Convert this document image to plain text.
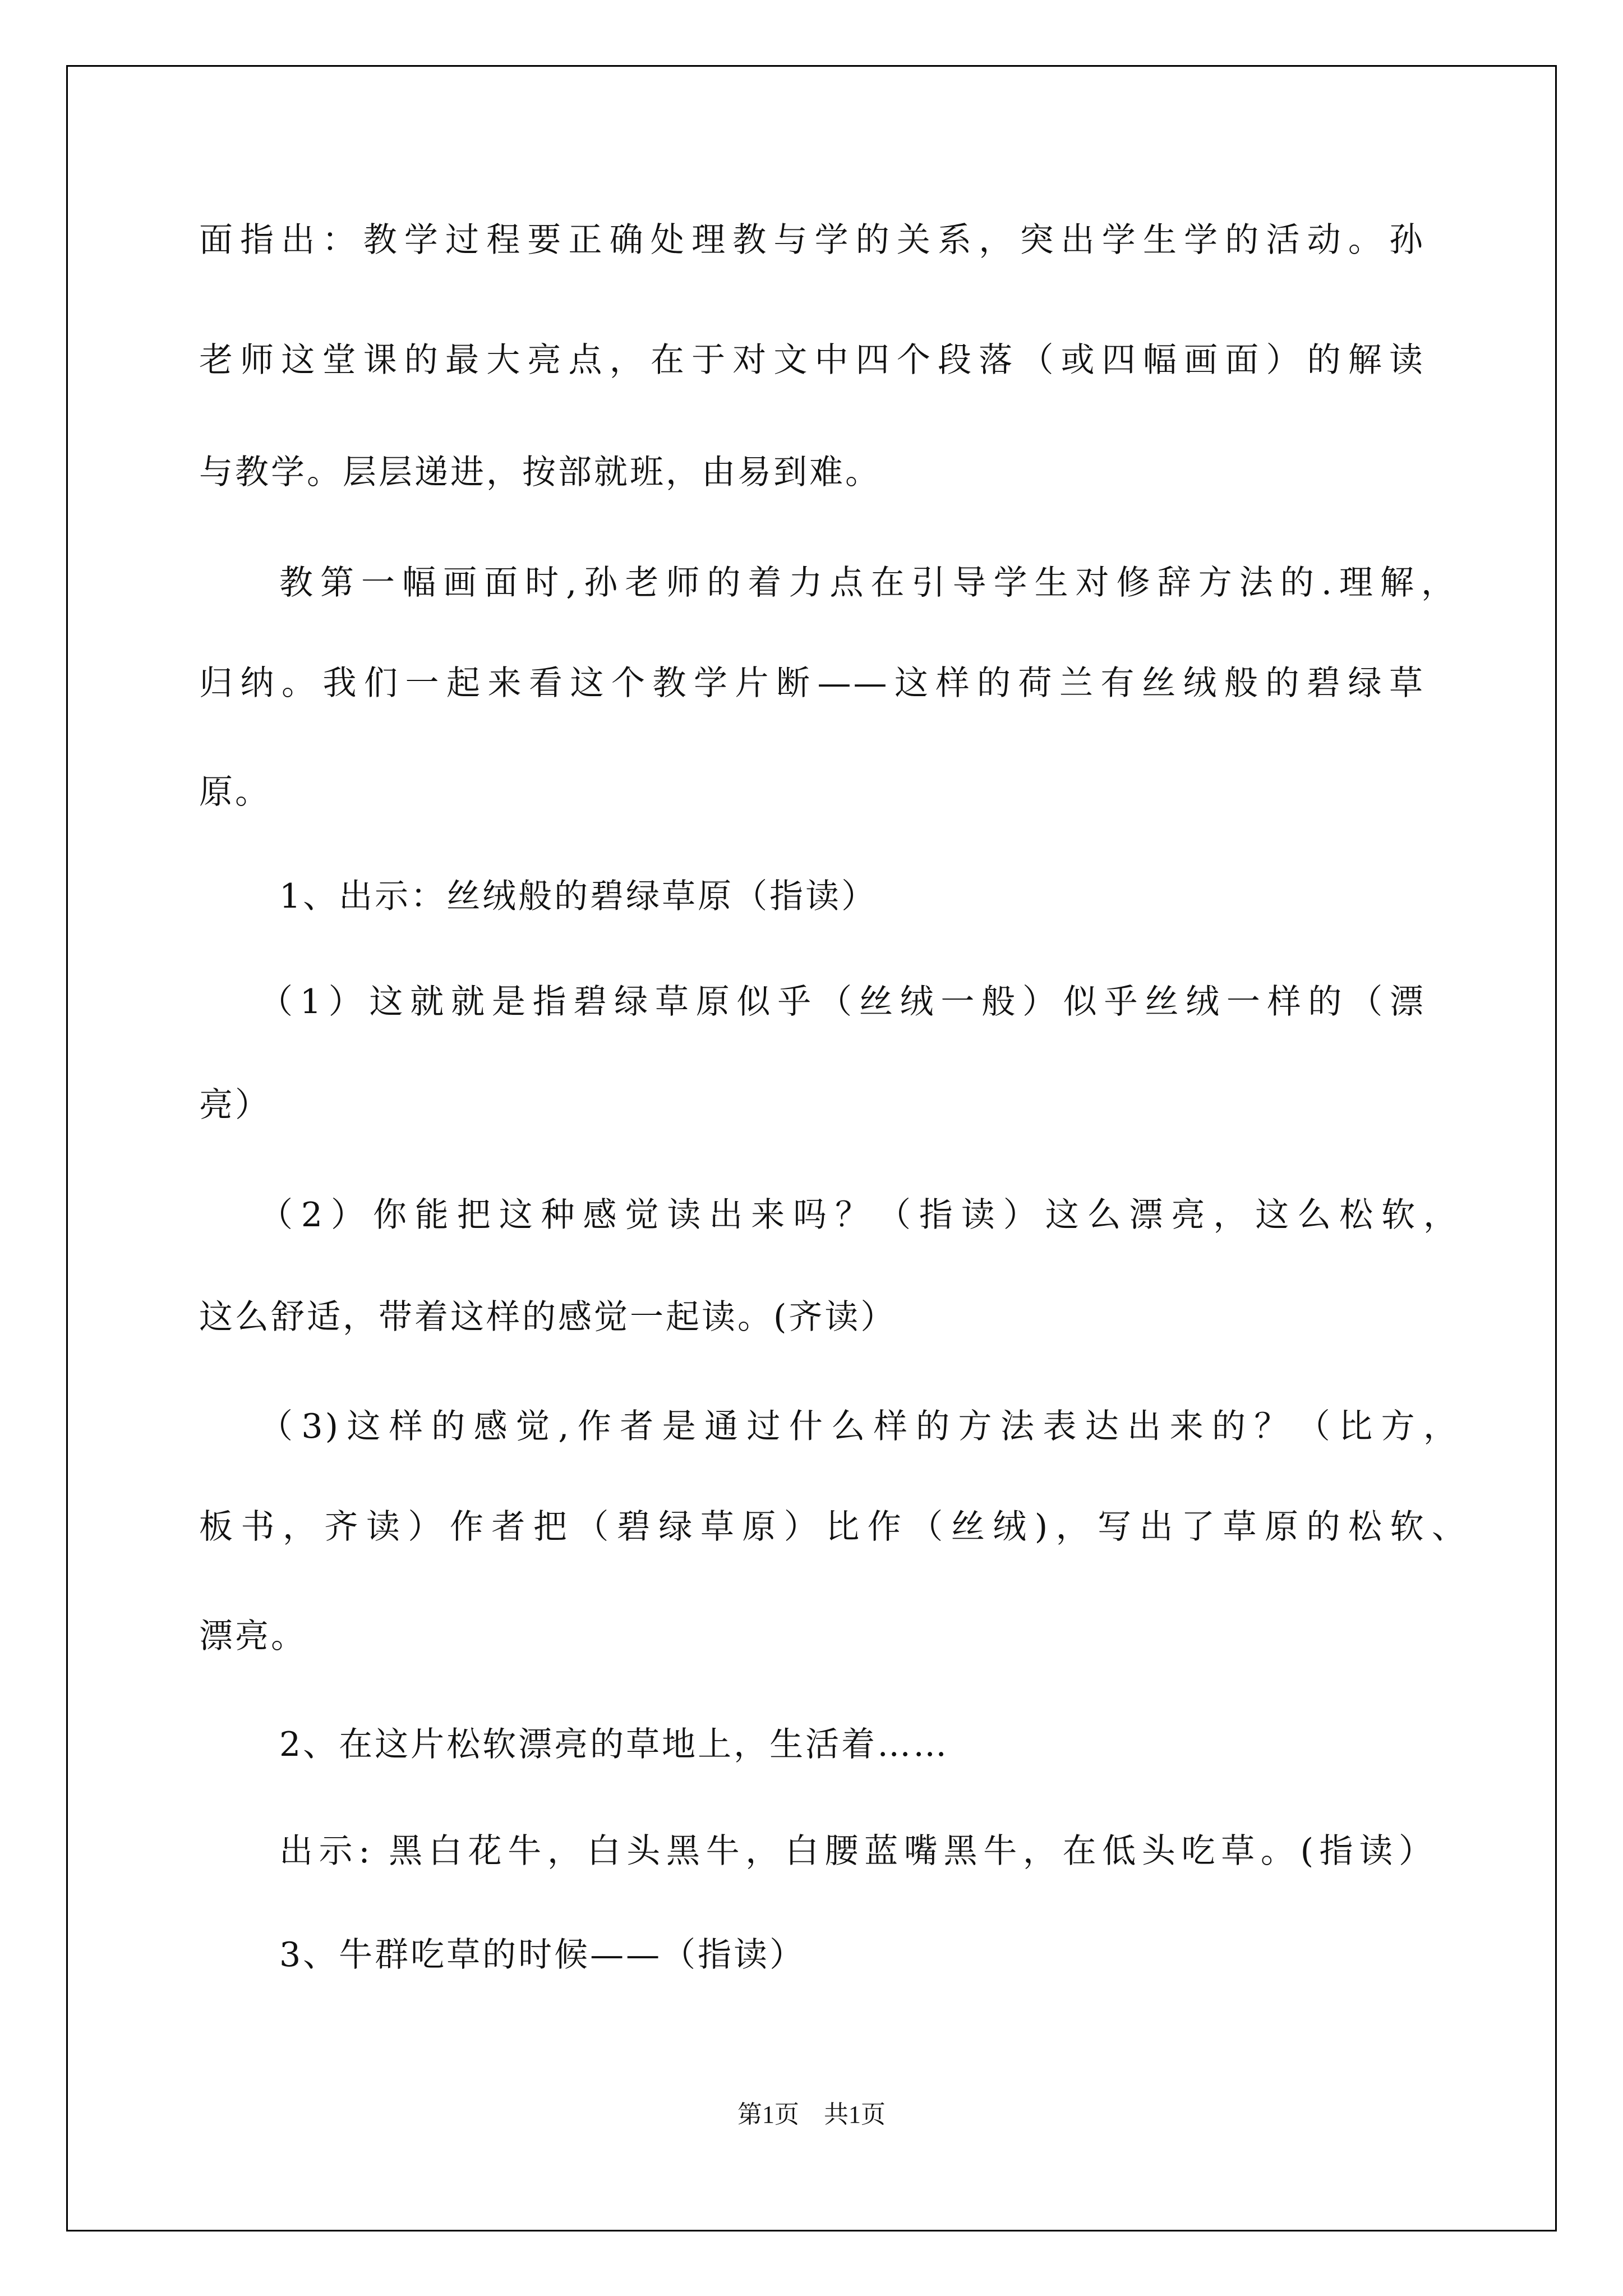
面指出：教学过程要正确处理教与学的关系，突出学生学的活动。孙
老师这堂课的最大亮点，在于对文中四个段落（或四幅画面）的解读
与教学。层层递进，按部就班，由易到难。
教第一幅画面时,孙老师的着力点在引导学生对修辞方法的.理解，
归纳。我们一起来看这个教学片断——这样的荷兰有丝绒般的碧绿草
原。
1、出示：丝绒般的碧绿草原（指读）
（1）这就就是指碧绿草原似乎（丝绒一般）似乎丝绒一样的（漂
亮）
（2）你能把这种感觉读出来吗？（指读）这么漂亮，这么松软，
这么舒适，带着这样的感觉一起读。(齐读）
（3)这样的感觉,作者是通过什么样的方法表达出来的？（比方，
板书，齐读）作者把（碧绿草原）比作（丝绒)，写出了草原的松软、
漂亮。
2、在这片松软漂亮的草地上，生活着……
出示: 黑白花牛，白头黑牛，白腰蓝嘴黑牛，在低头吃草。(指读）
3、牛群吃草的时候——（指读）
第1页    共1页
